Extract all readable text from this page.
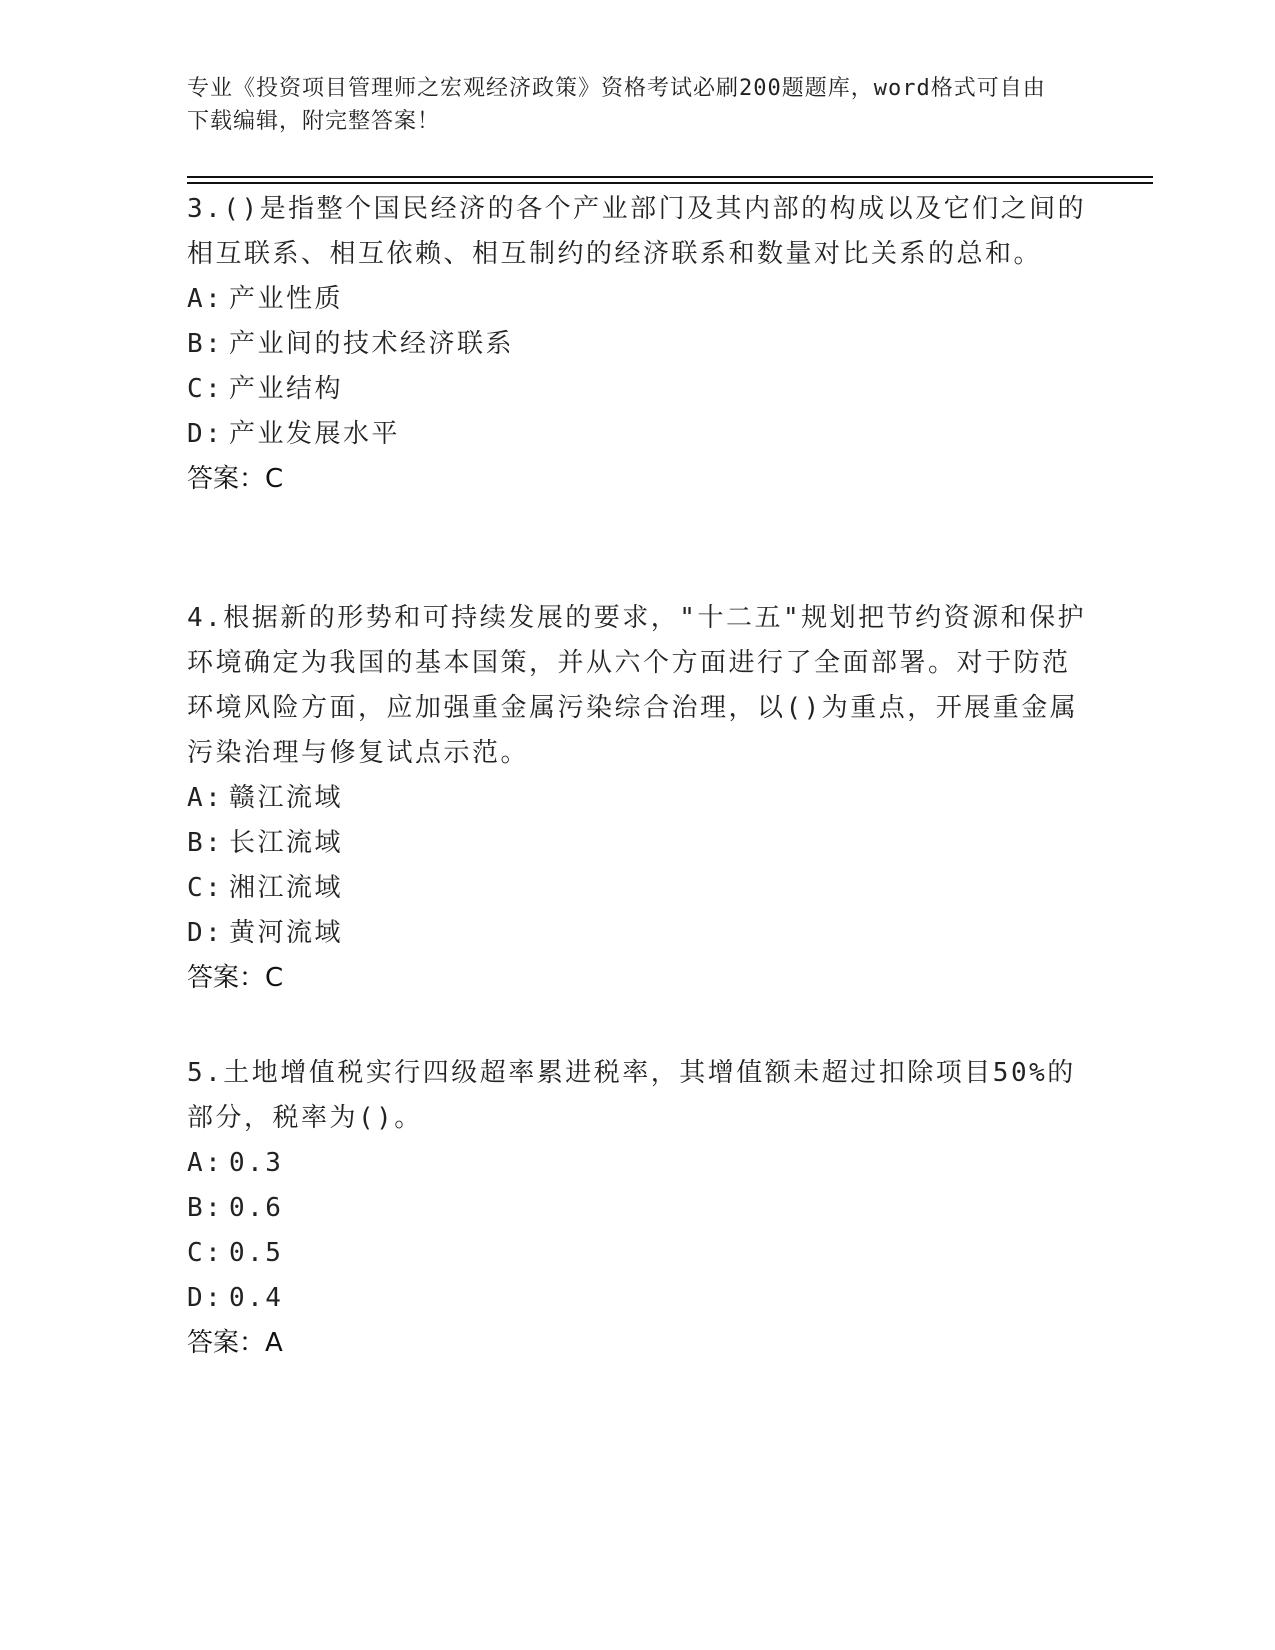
专业《投资项目管理师之宏观经济政策》资格考试必刷200题题库，word格式可自由下载编辑，附完整答案！
3.()是指整个国民经济的各个产业部门及其内部的构成以及它们之间的相互联系、相互依赖、相互制约的经济联系和数量对比关系的总和。
A: 产业性质
B: 产业间的技术经济联系
C: 产业结构
D: 产业发展水平
答案：C
4.根据新的形势和可持续发展的要求，"十二五"规划把节约资源和保护环境确定为我国的基本国策，并从六个方面进行了全面部署。对于防范环境风险方面，应加强重金属污染综合治理，以()为重点，开展重金属污染治理与修复试点示范。
A: 赣江流域
B: 长江流域
C: 湘江流域
D: 黄河流域
答案：C
5.土地增值税实行四级超率累进税率，其增值额未超过扣除项目50%的部分，税率为()。
A: 0.3
B: 0.6
C: 0.5
D: 0.4
答案：A
